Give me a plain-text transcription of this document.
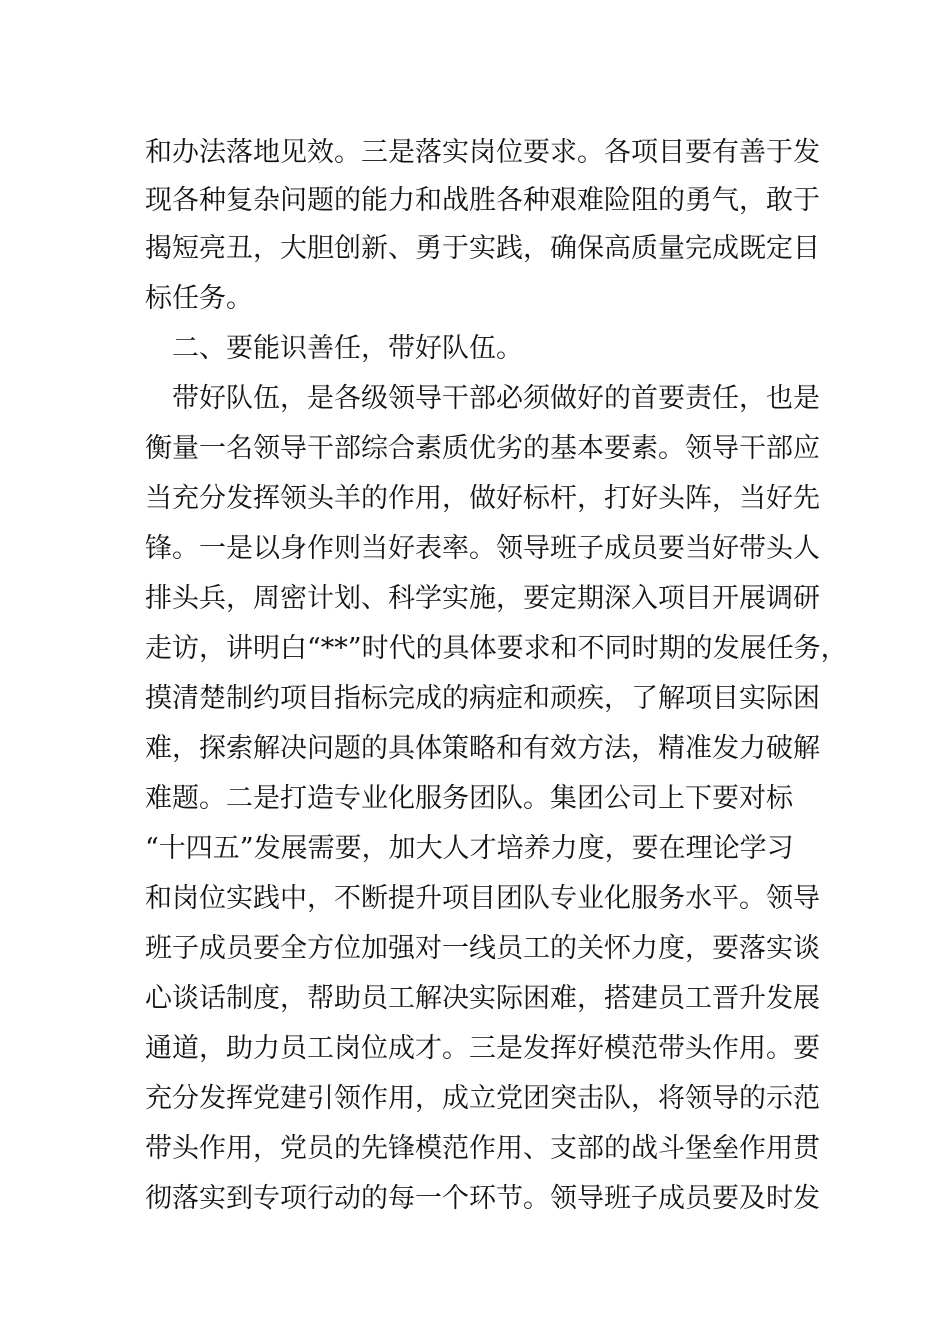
和办法落地见效。三是落实岗位要求。各项目要有善于发
现各种复杂问题的能力和战胜各种艰难险阻的勇气，敢于
揭短亮丑，大胆创新、勇于实践，确保高质量完成既定目
标任务。
　二、要能识善任，带好队伍。
　带好队伍，是各级领导干部必须做好的首要责任，也是
衡量一名领导干部综合素质优劣的基本要素。领导干部应
当充分发挥领头羊的作用，做好标杆，打好头阵，当好先
锋。一是以身作则当好表率。领导班子成员要当好带头人
排头兵，周密计划、科学实施，要定期深入项目开展调研
走访，讲明白“**”时代的具体要求和不同时期的发展任务，
摸清楚制约项目指标完成的病症和顽疾，了解项目实际困
难，探索解决问题的具体策略和有效方法，精准发力破解
难题。二是打造专业化服务团队。集团公司上下要对标
“十四五”发展需要，加大人才培养力度，要在理论学习
和岗位实践中，不断提升项目团队专业化服务水平。领导
班子成员要全方位加强对一线员工的关怀力度，要落实谈
心谈话制度，帮助员工解决实际困难，搭建员工晋升发展
通道，助力员工岗位成才。三是发挥好模范带头作用。要
充分发挥党建引领作用，成立党团突击队，将领导的示范
带头作用，党员的先锋模范作用、支部的战斗堡垒作用贯
彻落实到专项行动的每一个环节。领导班子成员要及时发
